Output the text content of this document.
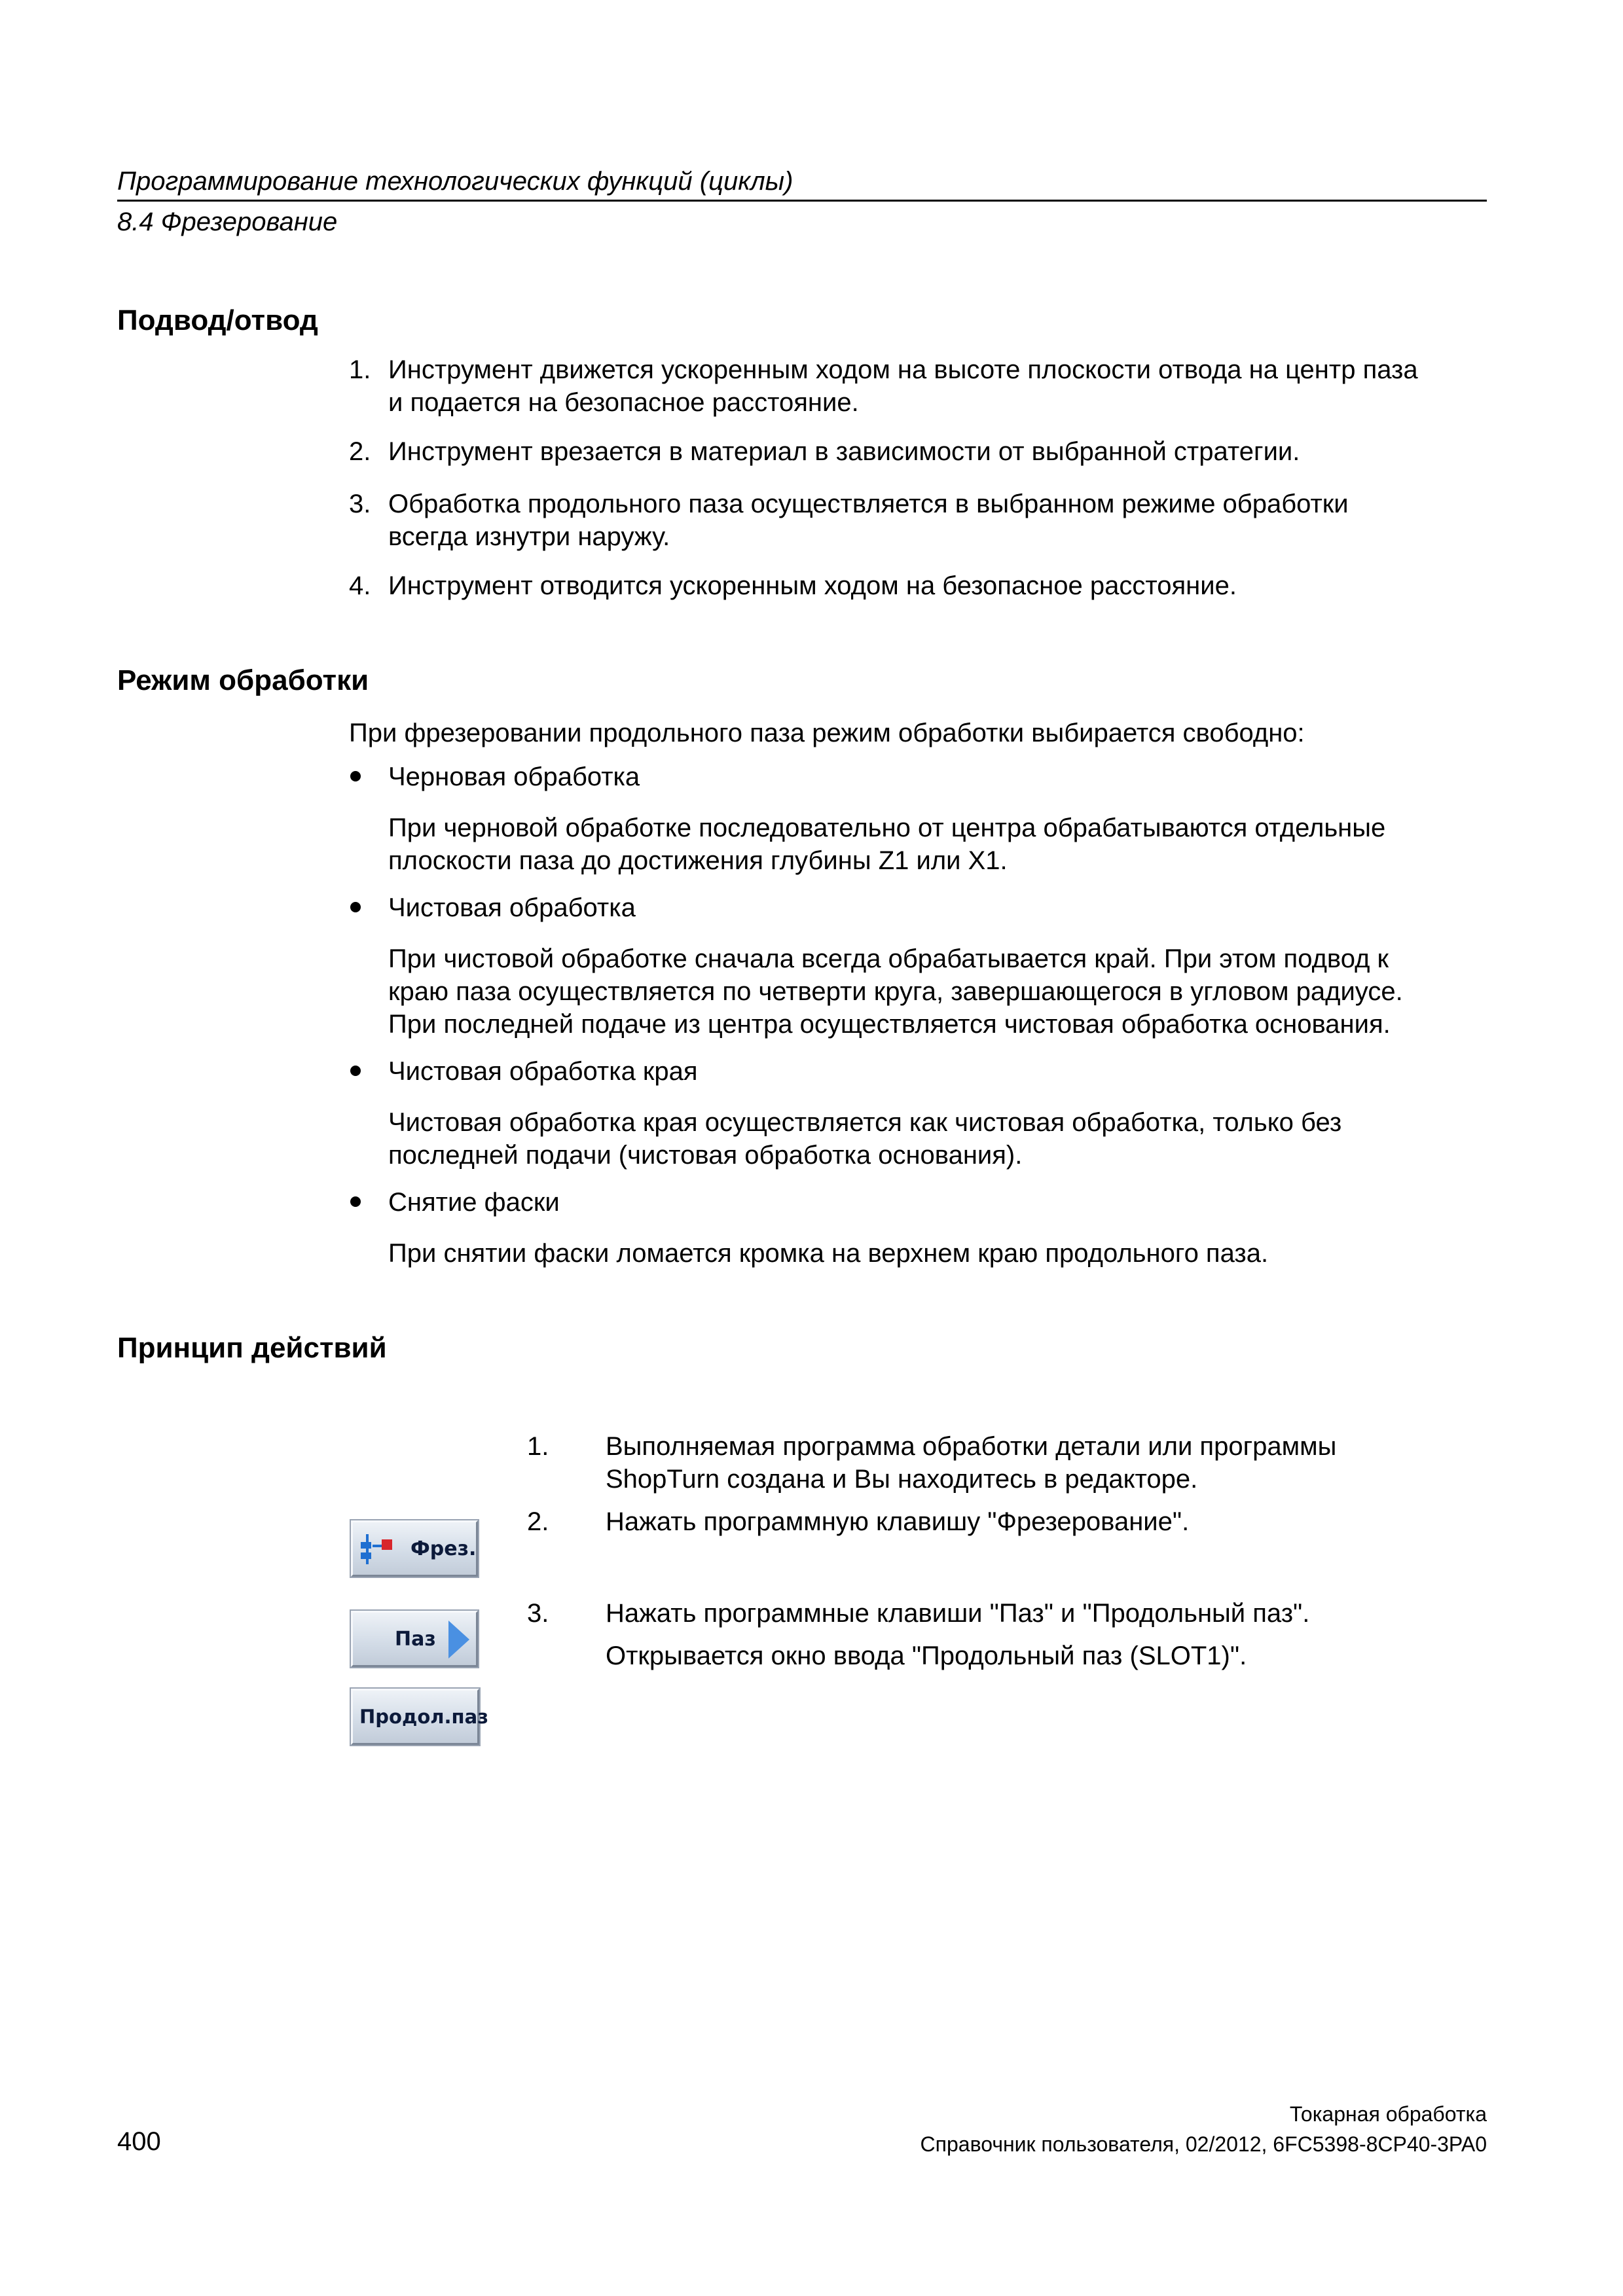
Программирование технологических функций (циклы)
8.4 Фрезерование
Подвод/отвод
1. Инструмент движется ускоренным ходом на высоте плоскости отвода на центр паза
и подается на безопасное расстояние.
2. Инструмент врезается в материал в зависимости от выбранной стратегии.
3. Обработка продольного паза осуществляется в выбранном режиме обработки
всегда изнутри наружу.
4. Инструмент отводится ускоренным ходом на безопасное расстояние.
Режим обработки
При фрезеровании продольного паза режим обработки выбирается свободно:
Черновая обработка
При черновой обработке последовательно от центра обрабатываются отдельные
плоскости паза до достижения глубины Z1 или X1.
Чистовая обработка
При чистовой обработке сначала всегда обрабатывается край. При этом подвод к
краю паза осуществляется по четверти круга, завершающегося в угловом радиусе.
При последней подаче из центра осуществляется чистовая обработка основания.
Чистовая обработка края
Чистовая обработка края осуществляется как чистовая обработка, только без
последней подачи (чистовая обработка основания).
Снятие фаски
При снятии фаски ломается кромка на верхнем краю продольного паза.
Принцип действий
1. Выполняемая программа обработки детали или программы
ShopTurn создана и Вы находитесь в редакторе.
2. Нажать программную клавишу "Фрезерование".
3. Нажать программные клавиши "Паз" и "Продольный паз".
Открывается окно ввода "Продольный паз (SLOT1)".
Фрез.
Паз
Продол.паз
Токарная обработка
400	Справочник пользователя, 02/2012, 6FC5398-8CP40-3PA0
